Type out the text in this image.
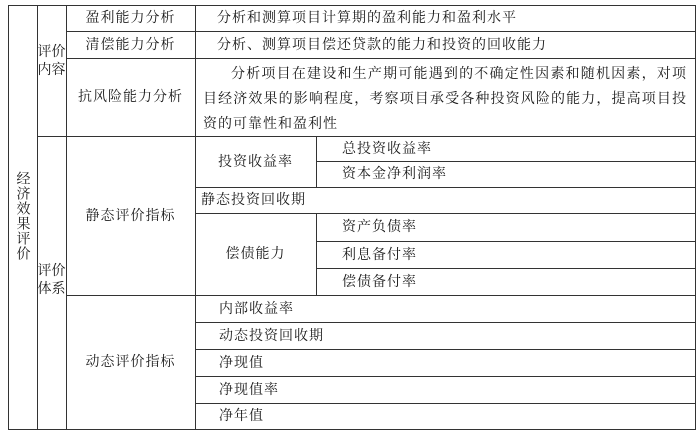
经济效果评价
评价
内容
盈利能力分析	分析和测算项目计算期的盈利能力和盈利水平
清偿能力分析	分析、测算项目偿还贷款的能力和投资的回收能力
抗风险能力分析
分析项目在建设和生产期可能遇到的不确定性因素和随机因素，对项目经济效果的影响程度，考察项目承受各种投资风险的能力，提高项目投资的可靠性和盈利性
评价
体系
静态评价指标
投资收益率
总投资收益率
资本金净利润率
静态投资回收期
偿债能力
资产负债率
利息备付率
偿债备付率
动态评价指标
内部收益率
动态投资回收期
净现值
净现值率
净年值
